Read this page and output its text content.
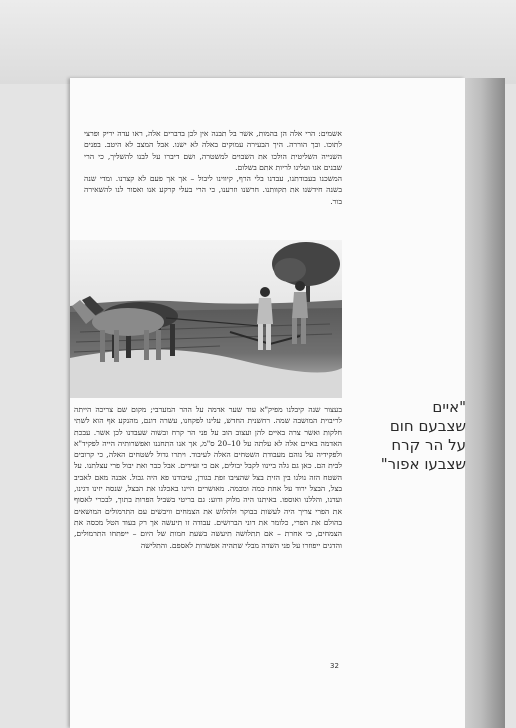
אשמים: הרי אלה הן בהמות, אשר בל תבנה אין לכן בדברים אלה, ראו עדה יריק ופרצי לתוכו. ובך הוררה. היך הבעירה עמוקים באלה לא ישנו. אבל המצב לא היטב. בפנים השנייה השליטית הולכו את השבוים למשטרה, ושם דיברו על לבנו להשליך, כי הרי שבנים אנו ועלינו לריות אתם בשלום.

המשכנו בעבודתנו, עבדנו בלי הרף, קיווינו ליבול – אך אך פעם לא קצרנו. ומדי שנה בשנה חידשנו את תקוותנו. חרשנו וזרענו, כי הרי בעלי קרקע אנו ואסור לנו להשאירה בור.

"איים
שצבעם חום
על הר קרח
שצבעו אפור"

בעצור שנה קיבלנו מפיק"א עוד שער אדמה על ההר המערבי; מקום שם צריכה הייתה לריבוית המושבה שמה. רחשנית החדש, עלינו לפקחנו, עשרה דונם, מהנקע אף הוא לשתי חלקות ואשר צרה באיים להן ועצוב הוב על פני הר קרח ובשוה שעבדנו לכן אשר. עבכת האדמה באיים אלה לא עלתה על 10–20 ס"מ, אך אנו התחננו ואפשרותיה הייה לפקיד"א ולפקידיה על נוהם מעבודת השטחים האלה לעיבוד. ויתרו גדול לשטחים האלה, כי קרובים לבית הם. כאן גם גלה ביינוו לקבל יבולים, אם כי זעירים. אבל כבר ואת יבול פרי עצלתנו. על השטח הזה נולנו בין הזית בצל שהציבו זפת בגורן, עיבודנו פא היה גבול. אבנה מאם לאביב בצל, הבצל ירוד על אחת כמה ומכמה. מאושרים היינו באכלנו את הבצל, שנסה יזינו דגינו, ועדנו, והללנו ואוספו. באיתנו היה מלוק ודוע: גם בריטי בשביל הפרות בתוך, לבכרי לאסוף את הפרי צריך היה לעשות בבוקר ולהלוש את הצמחים וויבשים עם התרמולים המושאים בהולם את הפרי, כלומר את דוני הברושים. עבודה זו תיעשה אך רק בעוד הטל מכסה את הצמחים, כי אחרת – אם תתלושה תיעשה בשעת חמות של היום – ייפתחו התרמולים, והדגים ייפוזרו על פני השדה מבלי שתהיה אפשרות לאספם. והתלישה

32
